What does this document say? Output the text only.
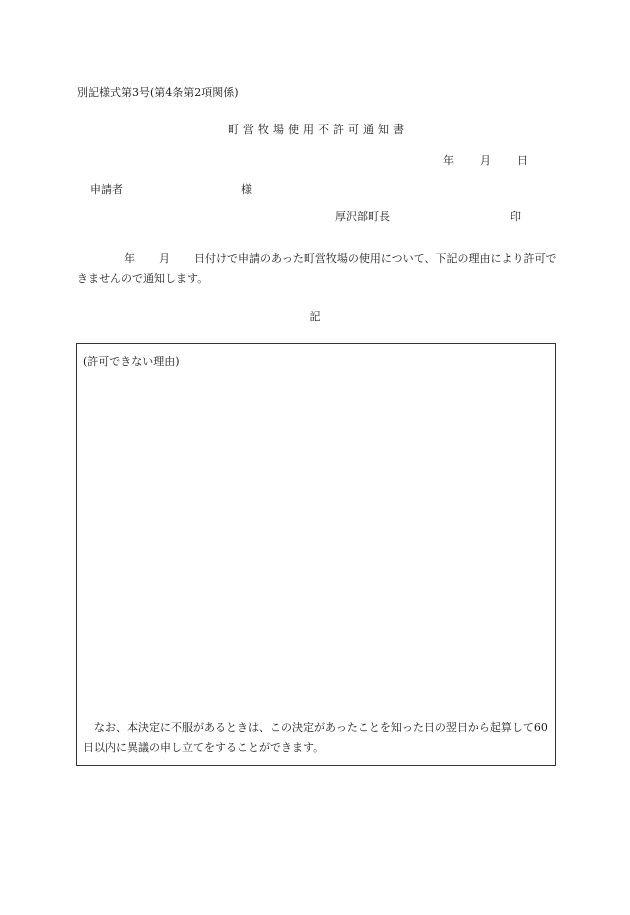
別記様式第3号(第4条第2項関係)
町営牧場使用不許可通知書
年 月 日
申請者	様
厚沢部町長	印
年 月 日付けで申請のあった町営牧場の使用について、下記の理由により許可できませんので通知します。
記
(許可できない理由)
なお、本決定に不服があるときは、この決定があったことを知った日の翌日から起算して60日以内に異議の申し立てをすることができます。
